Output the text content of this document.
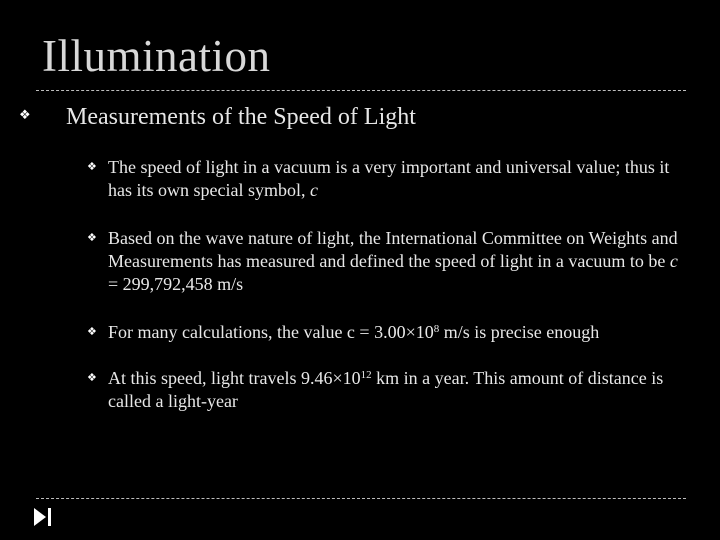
Illumination
❖ Measurements of the Speed of Light
❖ The speed of light in a vacuum is a very important and universal value; thus it has its own special symbol, c
❖ Based on the wave nature of light, the International Committee on Weights and Measurements has measured and defined the speed of light in a vacuum to be c = 299,792,458 m/s
❖ For many calculations, the value $c = 3.00\times 10^8$ m/s is precise enough
❖ At this speed, light travels $9.46\times 10^{12}$ km in a year. This amount of distance is called a light-year
